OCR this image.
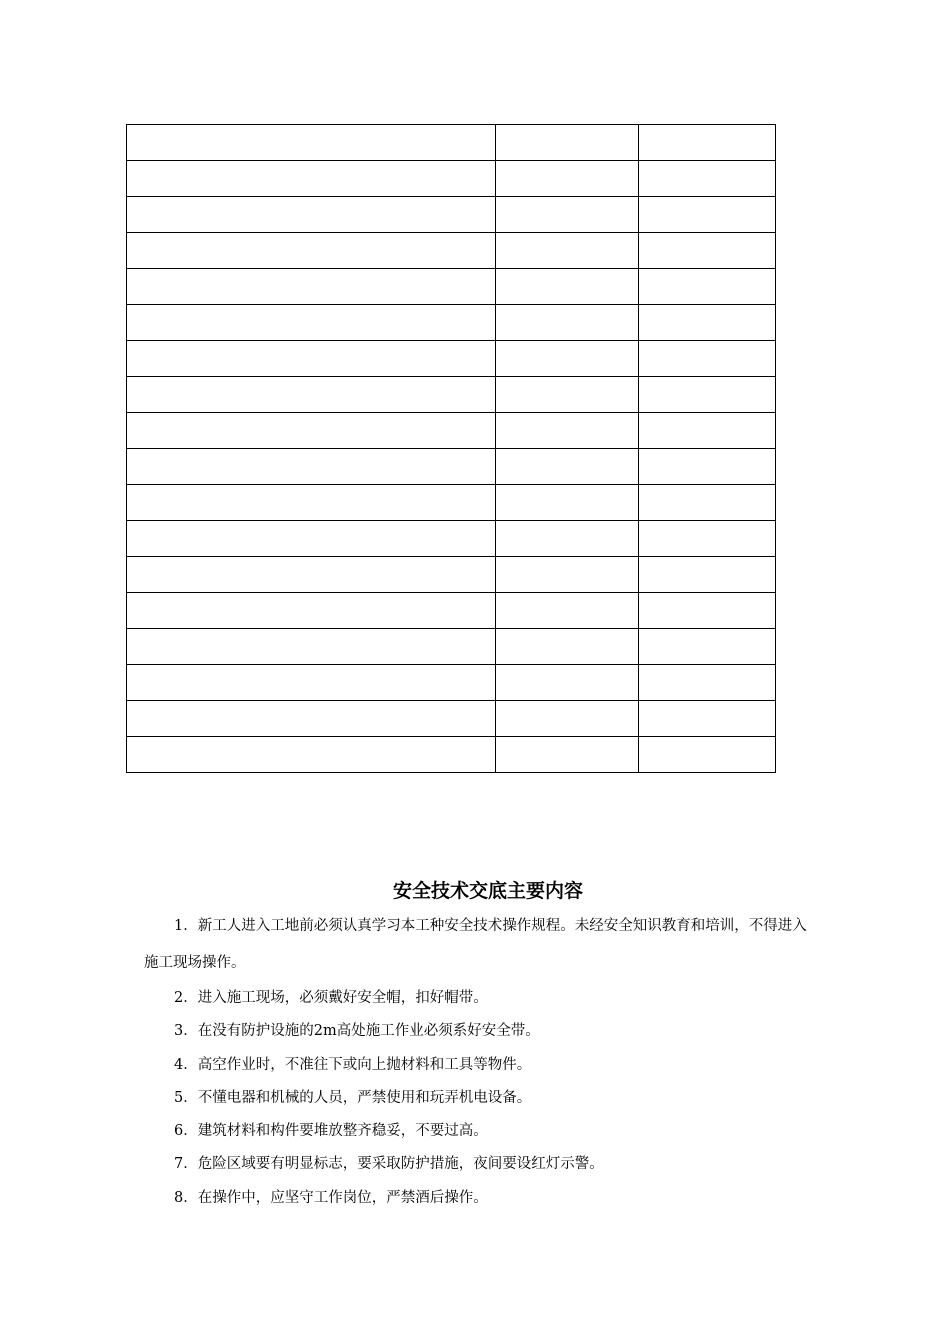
安全技术交底主要内容

1．新工人进入工地前必须认真学习本工种安全技术操作规程。未经安全知识教育和培训，不得进入施工现场操作。

2．进入施工现场，必须戴好安全帽，扣好帽带。

3．在没有防护设施的2m高处施工作业必须系好安全带。

4．高空作业时，不准往下或向上抛材料和工具等物件。

5．不懂电器和机械的人员，严禁使用和玩弄机电设备。

6．建筑材料和构件要堆放整齐稳妥，不要过高。

7．危险区域要有明显标志，要采取防护措施，夜间要设红灯示警。

8．在操作中，应坚守工作岗位，严禁酒后操作。
